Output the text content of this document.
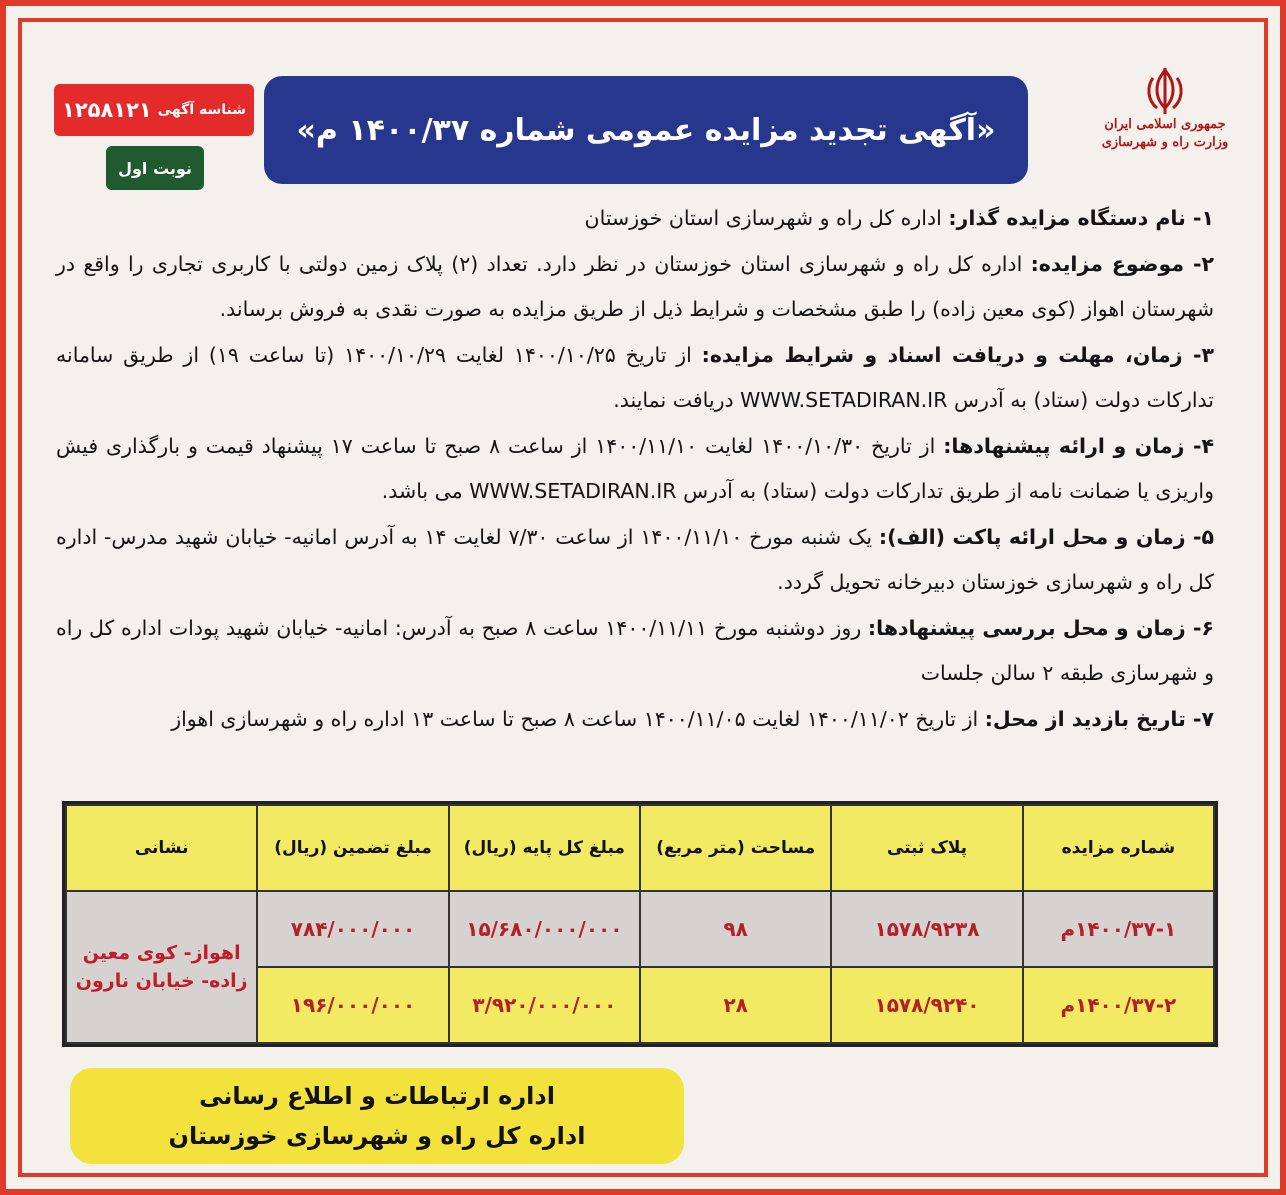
جمهوری اسلامی ایران
وزارت راه و شهرسازی
«آگهی تجدید مزایده عمومی شماره ۱۴۰۰/۳۷ م»
شناسه آگهی
۱۲۵۸۱۲۱
نوبت اول

۱- نام دستگاه مزایده گذار: اداره کل راه و شهرسازی استان خوزستان

۲- موضوع مزایده: اداره کل راه و شهرسازی استان خوزستان در نظر دارد. تعداد (۲) پلاک زمین دولتی با کاربری تجاری را واقع در شهرستان اهواز (کوی معین زاده) را طبق مشخصات و شرایط ذیل از طریق مزایده به صورت نقدی به فروش برساند.

۳- زمان، مهلت و دریافت اسناد و شرایط مزایده: از تاریخ ۱۴۰۰/۱۰/۲۵ لغایت ۱۴۰۰/۱۰/۲۹ (تا ساعت ۱۹) از طریق سامانه تدارکات دولت (ستاد) به آدرس WWW.SETADIRAN.IR دریافت نمایند.

۴- زمان و ارائه پیشنهادها: از تاریخ ۱۴۰۰/۱۰/۳۰ لغایت ۱۴۰۰/۱۱/۱۰ از ساعت ۸ صبح تا ساعت ۱۷ پیشنهاد قیمت و بارگذاری فیش واریزی یا ضمانت نامه از طریق تدارکات دولت (ستاد) به آدرس WWW.SETADIRAN.IR می باشد.

۵- زمان و محل ارائه پاکت (الف): یک شنبه مورخ ۱۴۰۰/۱۱/۱۰ از ساعت ۷/۳۰ لغایت ۱۴ به آدرس امانیه- خیابان شهید مدرس- اداره کل راه و شهرسازی خوزستان دبیرخانه تحویل گردد.

۶- زمان و محل بررسی پیشنهادها: روز دوشنبه مورخ ۱۴۰۰/۱۱/۱۱ ساعت ۸ صبح به آدرس: امانیه- خیابان شهید پودات اداره کل راه و شهرسازی طبقه ۲ سالن جلسات

۷- تاریخ بازدید از محل: از تاریخ ۱۴۰۰/۱۱/۰۲ لغایت ۱۴۰۰/۱۱/۰۵ ساعت ۸ صبح تا ساعت ۱۳ اداره راه و شهرسازی اهواز

شماره مزایده	پلاک ثبتی	مساحت (متر مربع)	مبلغ کل پایه (ریال)	مبلغ تضمین (ریال)	نشانی
۱۴۰۰/۳۷-۱م	۱۵۷۸/۹۲۳۸	۹۸	۱۵/۶۸۰/۰۰۰/۰۰۰	۷۸۴/۰۰۰/۰۰۰	اهواز- کوی معین
زاده- خیابان نارون

۱۴۰۰/۳۷-۲م	۱۵۷۸/۹۲۴۰	۲۸	۳/۹۲۰/۰۰۰/۰۰۰	۱۹۶/۰۰۰/۰۰۰	
اداره ارتباطات و اطلاع رسانی
اداره کل راه و شهرسازی خوزستان
